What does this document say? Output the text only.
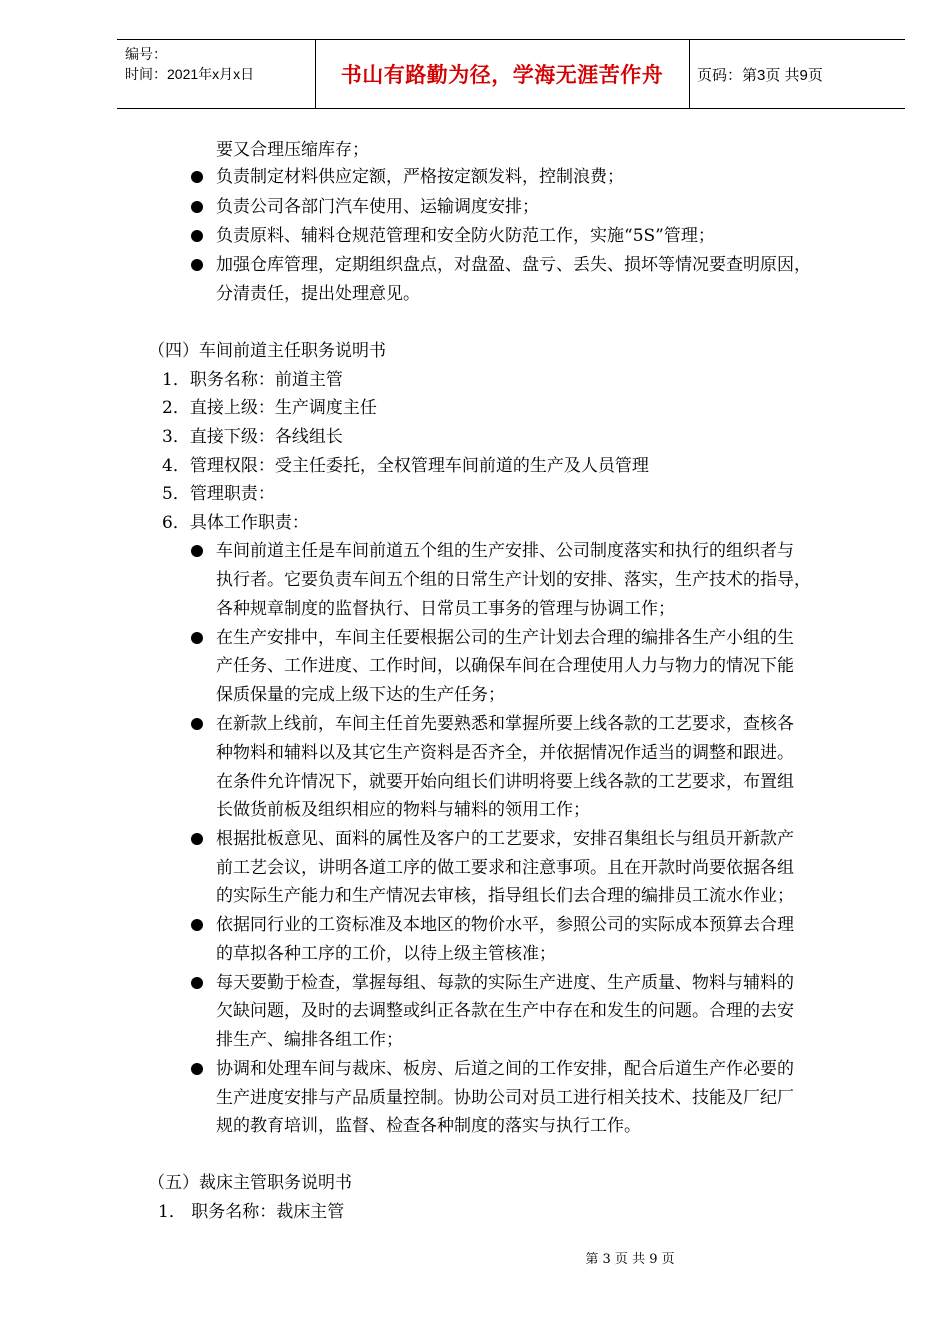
编号：
时间：2021年x月x日	书山有路勤为径，学海无涯苦作舟 页码：第3页 共9页
要又合理压缩库存；
负责制定材料供应定额，严格按定额发料，控制浪费；
负责公司各部门汽车使用、运输调度安排；
负责原料、辅料仓规范管理和安全防火防范工作，实施“5S”管理；
加强仓库管理，定期组织盘点，对盘盈、盘亏、丢失、损坏等情况要查明原因，
分清责任，提出处理意见。
（四）车间前道主任职务说明书
1．职务名称：前道主管
2．直接上级：生产调度主任
3．直接下级：各线组长
4．管理权限：受主任委托，全权管理车间前道的生产及人员管理
5．管理职责：
6．具体工作职责：
车间前道主任是车间前道五个组的生产安排、公司制度落实和执行的组织者与
执行者。它要负责车间五个组的日常生产计划的安排、落实，生产技术的指导，
各种规章制度的监督执行、日常员工事务的管理与协调工作；
在生产安排中，车间主任要根据公司的生产计划去合理的编排各生产小组的生
产任务、工作进度、工作时间，以确保车间在合理使用人力与物力的情况下能
保质保量的完成上级下达的生产任务；
在新款上线前，车间主任首先要熟悉和掌握所要上线各款的工艺要求，查核各
种物料和辅料以及其它生产资料是否齐全，并依据情况作适当的调整和跟进。
在条件允许情况下，就要开始向组长们讲明将要上线各款的工艺要求，布置组
长做货前板及组织相应的物料与辅料的领用工作；
根据批板意见、面料的属性及客户的工艺要求，安排召集组长与组员开新款产
前工艺会议，讲明各道工序的做工要求和注意事项。且在开款时尚要依据各组
的实际生产能力和生产情况去审核，指导组长们去合理的编排员工流水作业；
依据同行业的工资标准及本地区的物价水平，参照公司的实际成本预算去合理
的草拟各种工序的工价，以待上级主管核准；
每天要勤于检查，掌握每组、每款的实际生产进度、生产质量、物料与辅料的
欠缺问题，及时的去调整或纠正各款在生产中存在和发生的问题。合理的去安
排生产、编排各组工作；
协调和处理车间与裁床、板房、后道之间的工作安排，配合后道生产作必要的
生产进度安排与产品质量控制。协助公司对员工进行相关技术、技能及厂纪厂
规的教育培训，监督、检查各种制度的落实与执行工作。
（五）裁床主管职务说明书
1． 职务名称：裁床主管
第 3 页 共 9 页
